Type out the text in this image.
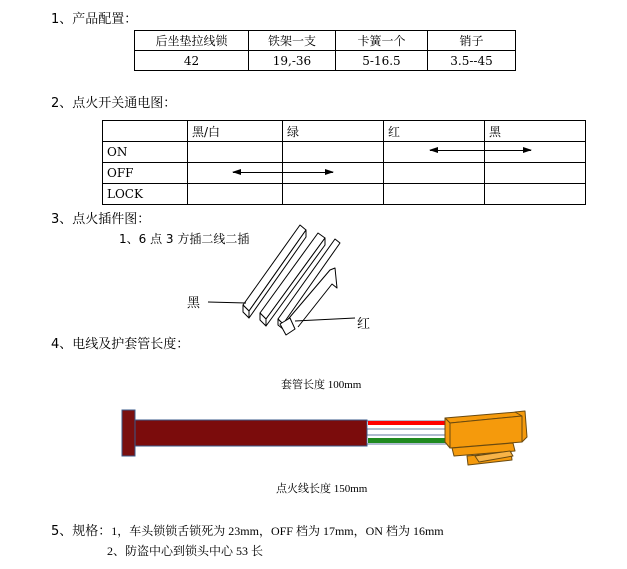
1、产品配置：
后坐垫拉线锁	铁架一支	卡簧一个	销子
42	19,-36	5-16.5	3.5--45
2、点火开关通电图：
	黑/白	绿	红	黑
ON				
OFF				
LOCK				
3、点火插件图：
1、6 点 3 方插二线二插
黑
红
4、电线及护套管长度：
套管长度 100mm
点火线长度 150mm
5、规格：1，车头锁锁舌锁死为 23mm，OFF 档为 17mm，ON 档为 16mm
2、防盗中心到锁头中心 53 长
